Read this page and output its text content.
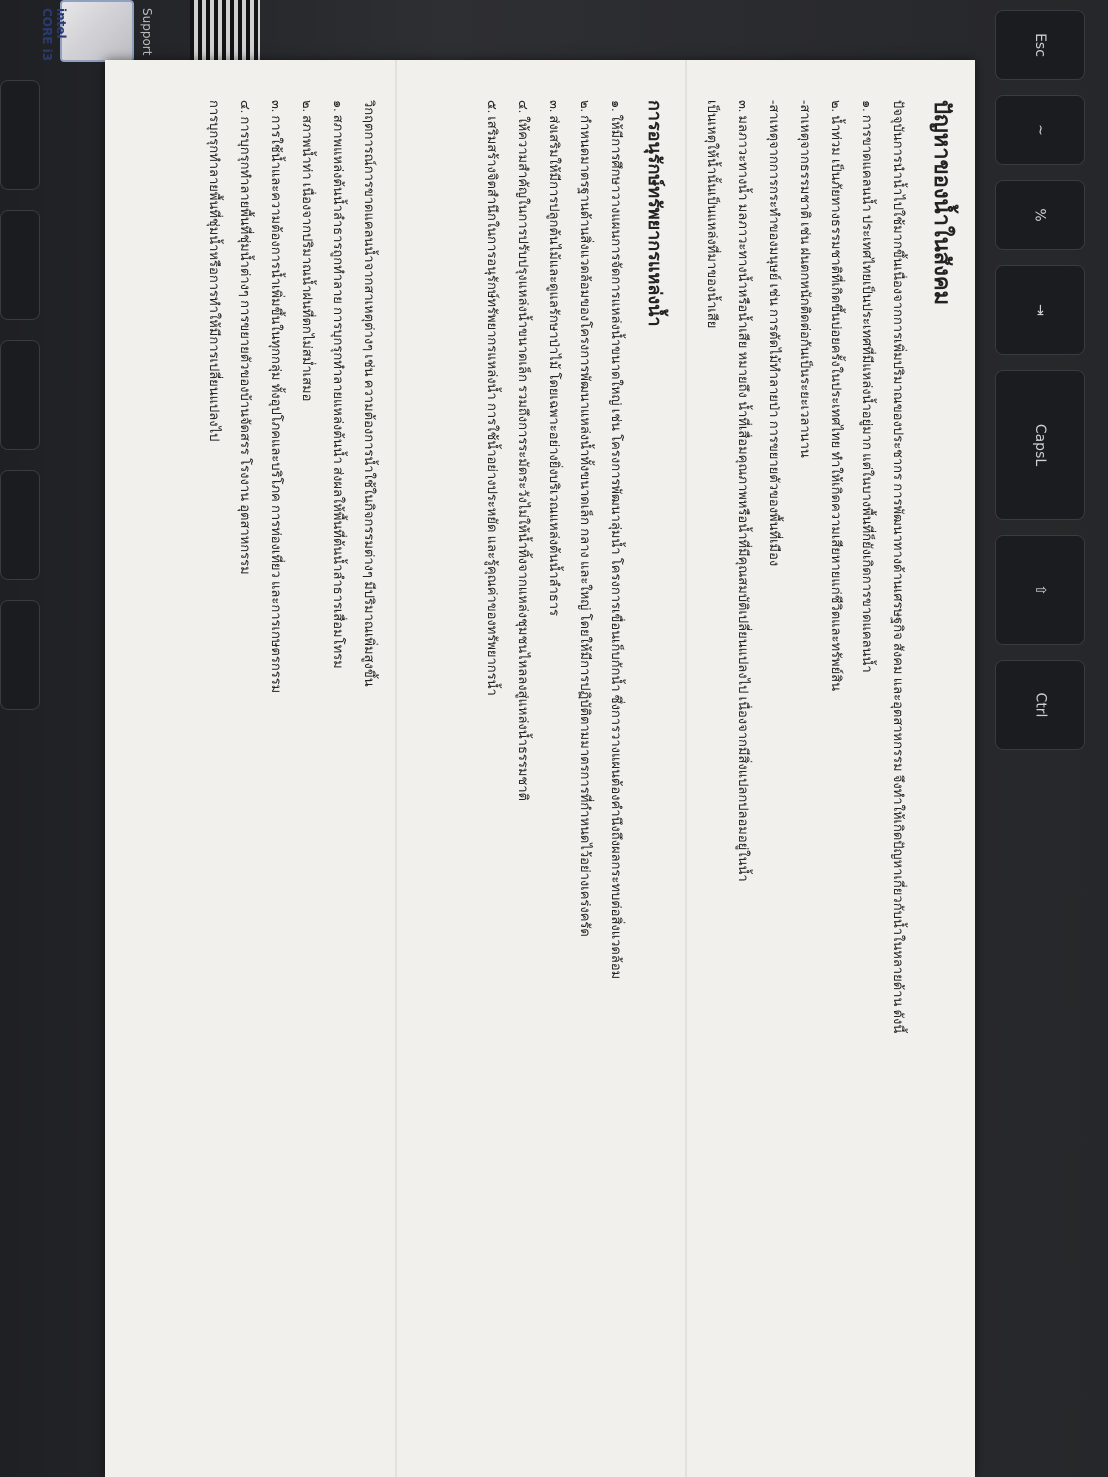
intel CORE i3	Support	Esc
~
%
⇥
CapsL
⇧
Ctrl
ปัญหาของน้ำในสังคม

ปัจจุบันการนำน้ำไปใช้มากขึ้นเนื่องจากการเพิ่มปริมาณของประชากร การพัฒนาทางด้านเศรษฐกิจ สังคม และอุตสาหกรรม จึงทำให้เกิดปัญหาเกี่ยวกับน้ำในหลายด้าน ดังนี้

๑. การขาดแคลนน้ำ ประเทศไทยเป็นประเทศที่มีแหล่งน้ำอยู่มาก แต่ในบางพื้นที่ก็ยังเกิดการขาดแคลนน้ำ

๒. น้ำท่วม เป็นภัยทางธรรมชาติที่เกิดขึ้นบ่อยครั้งในประเทศไทย ทำให้เกิดความเสียหายแก่ชีวิตและทรัพย์สิน

-สาเหตุจากธรรมชาติ เช่น ฝนตกหนักติดต่อกันเป็นระยะเวลานาน

-สาเหตุจากการกระทำของมนุษย์ เช่น การตัดไม้ทำลายป่า การขยายตัวของพื้นที่เมือง

๓. มลภาวะทางน้ำ มลภาวะทางน้ำหรือน้ำเสีย หมายถึง น้ำที่เสื่อมคุณภาพหรือน้ำที่มีคุณสมบัติเปลี่ยนแปลงไป เนื่องจากมีสิ่งแปลกปลอมอยู่ในน้ำ

เป็นเหตุให้น้ำนั้นเป็นแหล่งที่มาของน้ำเสีย

การอนุรักษ์ทรัพยากรแหล่งน้ำ

๑. ให้มีการศึกษาวางแผนการจัดการแหล่งน้ำขนาดใหญ่ เช่น โครงการพัฒนาลุ่มน้ำ โครงการเขื่อนเก็บกักน้ำ ซึ่งการวางแผนต้องคำนึงถึงผลกระทบต่อสิ่งแวดล้อม

๒. กำหนดมาตรฐานด้านสิ่งแวดล้อมของโครงการพัฒนาแหล่งน้ำทั้งขนาดเล็ก กลาง และใหญ่ โดยให้มีการปฏิบัติตามมาตรการที่กำหนดไว้อย่างเคร่งครัด

๓. ส่งเสริมให้มีการปลูกต้นไม้และดูแลรักษาป่าไม้ โดยเฉพาะอย่างยิ่งบริเวณแหล่งต้นน้ำลำธาร

๔. ให้ความสำคัญในการปรับปรุงแหล่งน้ำขนาดเล็ก รวมถึงการระมัดระวังไม่ให้น้ำทิ้งจากแหล่งชุมชนไหลลงสู่แหล่งน้ำธรรมชาติ

๕. เสริมสร้างจิตสำนึกในการอนุรักษ์ทรัพยากรแหล่งน้ำ การใช้น้ำอย่างประหยัด และรู้คุณค่าของทรัพยากรน้ำ

วิกฤตการณ์การขาดแคลนน้ำจากสาเหตุต่างๆ เช่น ความต้องการน้ำใช้ในกิจกรรมต่างๆ มีปริมาณเพิ่มสูงขึ้น

๑. สภาพแหล่งต้นน้ำลำธารถูกทำลาย การบุกรุกทำลายแหล่งต้นน้ำ ส่งผลให้พื้นที่ต้นน้ำลำธารเสื่อมโทรม

๒. สภาพน้ำท่า เนื่องจากปริมาณน้ำฝนที่ตกไม่สม่ำเสมอ

๓. การใช้น้ำและความต้องการน้ำเพิ่มขึ้นในทุกกลุ่ม ทั้งอุปโภคและบริโภค การท่องเที่ยว และการเกษตรกรรม

๔. การบุกรุกทำลายพื้นที่ชุ่มน้ำต่างๆ การขยายตัวของบ้านจัดสรร โรงงาน อุตสาหกรรม

การบุกรุกทำลายพื้นที่ชุ่มน้ำหรือการทำให้มีการเปลี่ยนแปลงไป
